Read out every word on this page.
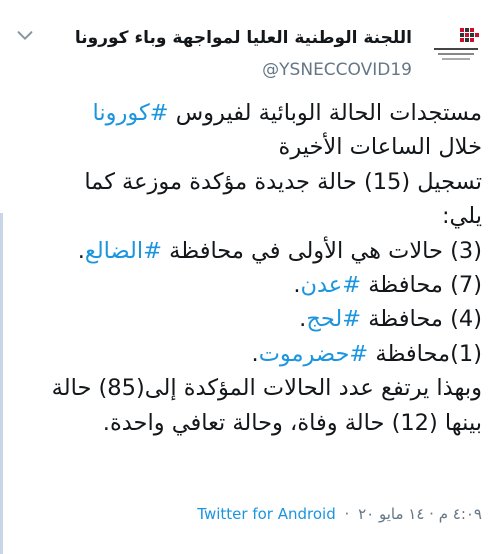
اللجنة الوطنية العليا لمواجهة وباء كورونا
@YSNECCOVID19
مستجدات الحالة الوبائية لفيروس #كورونا
خلال الساعات الأخيرة
تسجيل (15) حالة جديدة مؤكدة موزعة كما
يلي:
(3) حالات هي الأولى في محافظة #الضالع.
(7) محافظة #عدن.
(4) محافظة #لحج.
(1)محافظة #حضرموت.
وبهذا يرتفع عدد الحالات المؤكدة إلى(85) حالة
بينها (12) حالة وفاة، وحالة تعافي واحدة.
٤:٠٩ م · ١٤ مايو ٢٠ · Twitter for Android
